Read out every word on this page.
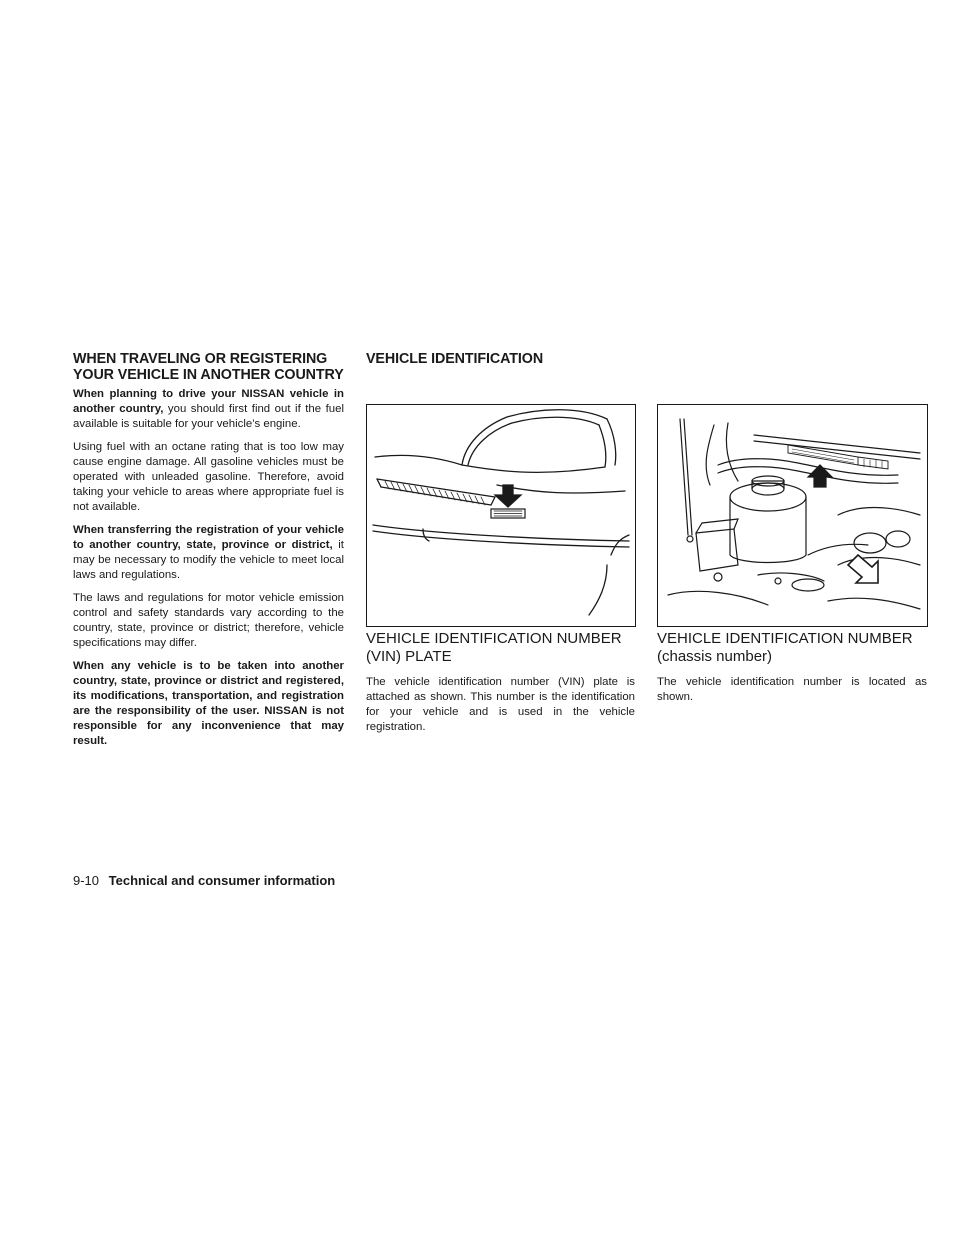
WHEN TRAVELING OR REGISTERING YOUR VEHICLE IN ANOTHER COUNTRY

When planning to drive your NISSAN vehicle in another country, you should first find out if the fuel available is suitable for your vehicle’s engine.

Using fuel with an octane rating that is too low may cause engine damage. All gasoline vehicles must be operated with unleaded gasoline. Therefore, avoid taking your vehicle to areas where appropriate fuel is not available.

When transferring the registration of your vehicle to another country, state, province or district, it may be necessary to modify the vehicle to meet local laws and regulations.

The laws and regulations for motor vehicle emission control and safety standards vary according to the country, state, province or district; therefore, vehicle specifications may differ.

When any vehicle is to be taken into another country, state, province or district and registered, its modifications, transportation, and registration are the responsibility of the user. NISSAN is not responsible for any inconvenience that may result.

VEHICLE IDENTIFICATION
VEHICLE IDENTIFICATION NUMBER
(VIN) PLATE

The vehicle identification number (VIN) plate is attached as shown. This number is the identification for your vehicle and is used in the vehicle registration.

VEHICLE IDENTIFICATION NUMBER
(chassis number)

The vehicle identification number is located as shown.

9-10 Technical and consumer information
